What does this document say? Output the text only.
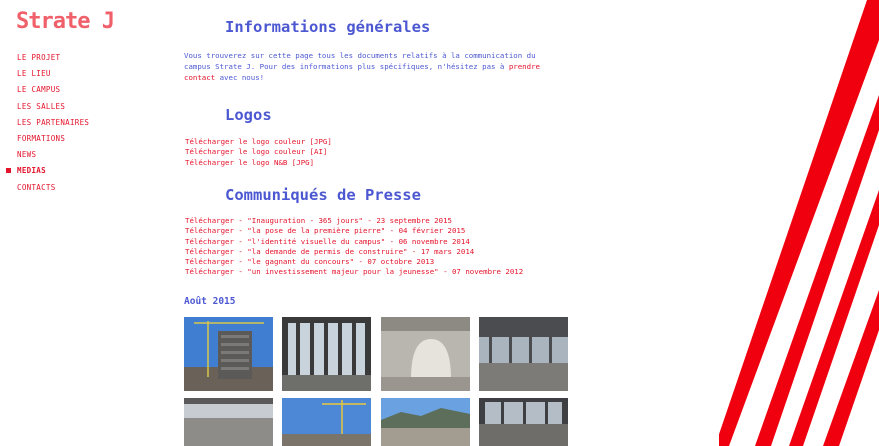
Strate J
LE PROJET
LE LIEU
LE CAMPUS
LES SALLES
LES PARTENAIRES
FORMATIONS
NEWS
MEDIAS
CONTACTS
Informations générales
Vous trouverez sur cette page tous les documents relatifs à la communication du campus Strate J. Pour des informations plus spécifiques, n'hésitez pas à prendre contact avec nous!
Logos
Télécharger le logo couleur [JPG]
Télécharger le logo couleur [AI]
Télécharger le logo N&B [JPG]
Communiqués de Presse
Télécharger - "Inauguration - 365 jours" - 23 septembre 2015
Télécharger - "la pose de la première pierre" - 04 février 2015
Télécharger - "l'identité visuelle du campus" - 06 novembre 2014
Télécharger - "la demande de permis de construire" - 17 mars 2014
Télécharger - "le gagnant du concours" - 07 octobre 2013
Télécharger - "un investissement majeur pour la jeunesse" - 07 novembre 2012
Août 2015
